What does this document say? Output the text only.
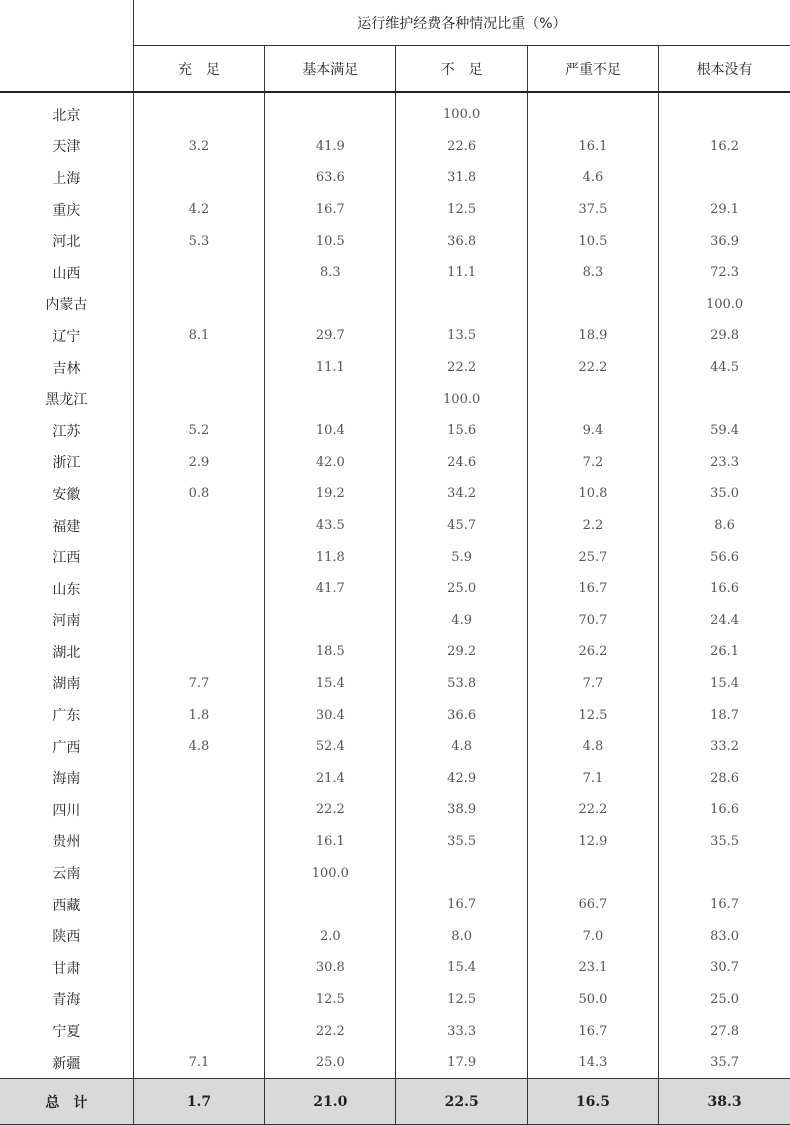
	运行维护经费各种情况比重（%）				
	充　足	基本满足	不　足	严重不足	根本没有

北京			100.0		
天津	3.2	41.9	22.6	16.1	16.2
上海		63.6	31.8	4.6	
重庆	4.2	16.7	12.5	37.5	29.1
河北	5.3	10.5	36.8	10.5	36.9
山西		8.3	11.1	8.3	72.3
内蒙古					100.0
辽宁	8.1	29.7	13.5	18.9	29.8
吉林		11.1	22.2	22.2	44.5
黑龙江			100.0		
江苏	5.2	10.4	15.6	9.4	59.4
浙江	2.9	42.0	24.6	7.2	23.3
安徽	0.8	19.2	34.2	10.8	35.0
福建		43.5	45.7	2.2	8.6
江西		11.8	5.9	25.7	56.6
山东		41.7	25.0	16.7	16.6
河南			4.9	70.7	24.4
湖北		18.5	29.2	26.2	26.1
湖南	7.7	15.4	53.8	7.7	15.4
广东	1.8	30.4	36.6	12.5	18.7
广西	4.8	52.4	4.8	4.8	33.2
海南		21.4	42.9	7.1	28.6
四川		22.2	38.9	22.2	16.6
贵州		16.1	35.5	12.9	35.5
云南		100.0			
西藏			16.7	66.7	16.7
陕西		2.0	8.0	7.0	83.0
甘肃		30.8	15.4	23.1	30.7
青海		12.5	12.5	50.0	25.0
宁夏		22.2	33.3	16.7	27.8
新疆	7.1	25.0	17.9	14.3	35.7
总　计	1.7	21.0	22.5	16.5	38.3
